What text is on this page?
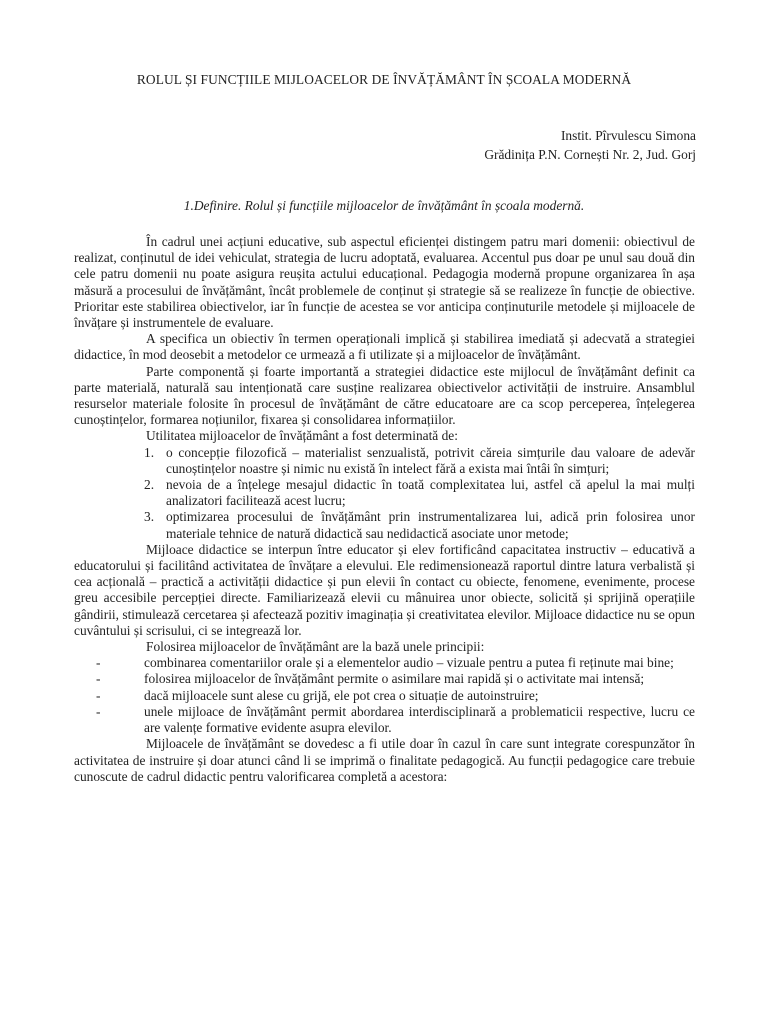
ROLUL ȘI FUNCȚIILE MIJLOACELOR DE ÎNVĂȚĂMÂNT ÎN ȘCOALA MODERNĂ
Instit. Pîrvulescu Simona
Grădinița P.N. Cornești Nr. 2, Jud. Gorj
1.Definire. Rolul și funcțiile mijloacelor de învățământ în școala modernă.

În cadrul unei acțiuni educative, sub aspectul eficienței distingem patru mari domenii: obiectivul de realizat, conținutul de idei vehiculat, strategia de lucru adoptată, evaluarea. Accentul pus doar pe unul sau două din cele patru domenii nu poate asigura reușita actului educațional. Pedagogia modernă propune organizarea în așa măsură a procesului de învățământ, încât problemele de conținut și strategie să se realizeze în funcție de obiective. Prioritar este stabilirea obiectivelor, iar în funcție de acestea se vor anticipa conținuturile metodele și mijloacele de învățare și instrumentele de evaluare.

A specifica un obiectiv în termen operaționali implică și stabilirea imediată și adecvată a strategiei didactice, în mod deosebit a metodelor ce urmează a fi utilizate și a mijloacelor de învățământ.

Parte componentă și foarte importantă a strategiei didactice este mijlocul de învățământ definit ca parte materială, naturală sau intenționată care susține realizarea obiectivelor activității de instruire. Ansamblul resurselor materiale folosite în procesul de învățământ de către educatoare are ca scop perceperea, înțelegerea cunoștințelor, formarea noțiunilor, fixarea și consolidarea informațiilor.

Utilitatea mijloacelor de învățământ a fost determinată de:

1. o concepție filozofică – materialist senzualistă, potrivit căreia simțurile dau valoare de adevăr cunoștințelor noastre și nimic nu există în intelect fără a exista mai întâi în simțuri;
2. nevoia de a înțelege mesajul didactic în toată complexitatea lui, astfel că apelul la mai mulți analizatori facilitează acest lucru;
3. optimizarea procesului de învățământ prin instrumentalizarea lui, adică prin folosirea unor materiale tehnice de natură didactică sau nedidactică asociate unor metode;

Mijloace didactice se interpun între educator și elev fortificând capacitatea instructiv – educativă a educatorului și facilitând activitatea de învățare a elevului. Ele redimensionează raportul dintre latura verbalistă și cea acțională – practică a activității didactice și pun elevii în contact cu obiecte, fenomene, evenimente, procese greu accesibile percepției directe. Familiarizează elevii cu mânuirea unor obiecte, solicită și sprijină operațiile gândirii, stimulează cercetarea și afectează pozitiv imaginația și creativitatea elevilor. Mijloace didactice nu se opun cuvântului și scrisului, ci se integrează lor.

Folosirea mijloacelor de învățământ are la bază unele principii:

-	combinarea comentariilor orale și a elementelor audio – vizuale pentru a putea fi reținute mai bine;
-	folosirea mijloacelor de învățământ permite o asimilare mai rapidă și o activitate mai intensă;
-	dacă mijloacele sunt alese cu grijă, ele pot crea o situație de autoinstruire;
-	unele mijloace de învățământ permit abordarea interdisciplinară a problematicii respective, lucru ce are valențe formative evidente asupra elevilor.

Mijloacele de învățământ se dovedesc a fi utile doar în cazul în care sunt integrate corespunzător în activitatea de instruire și doar atunci când li se imprimă o finalitate pedagogică. Au funcții pedagogice care trebuie cunoscute de cadrul didactic pentru valorificarea completă a acestora:
